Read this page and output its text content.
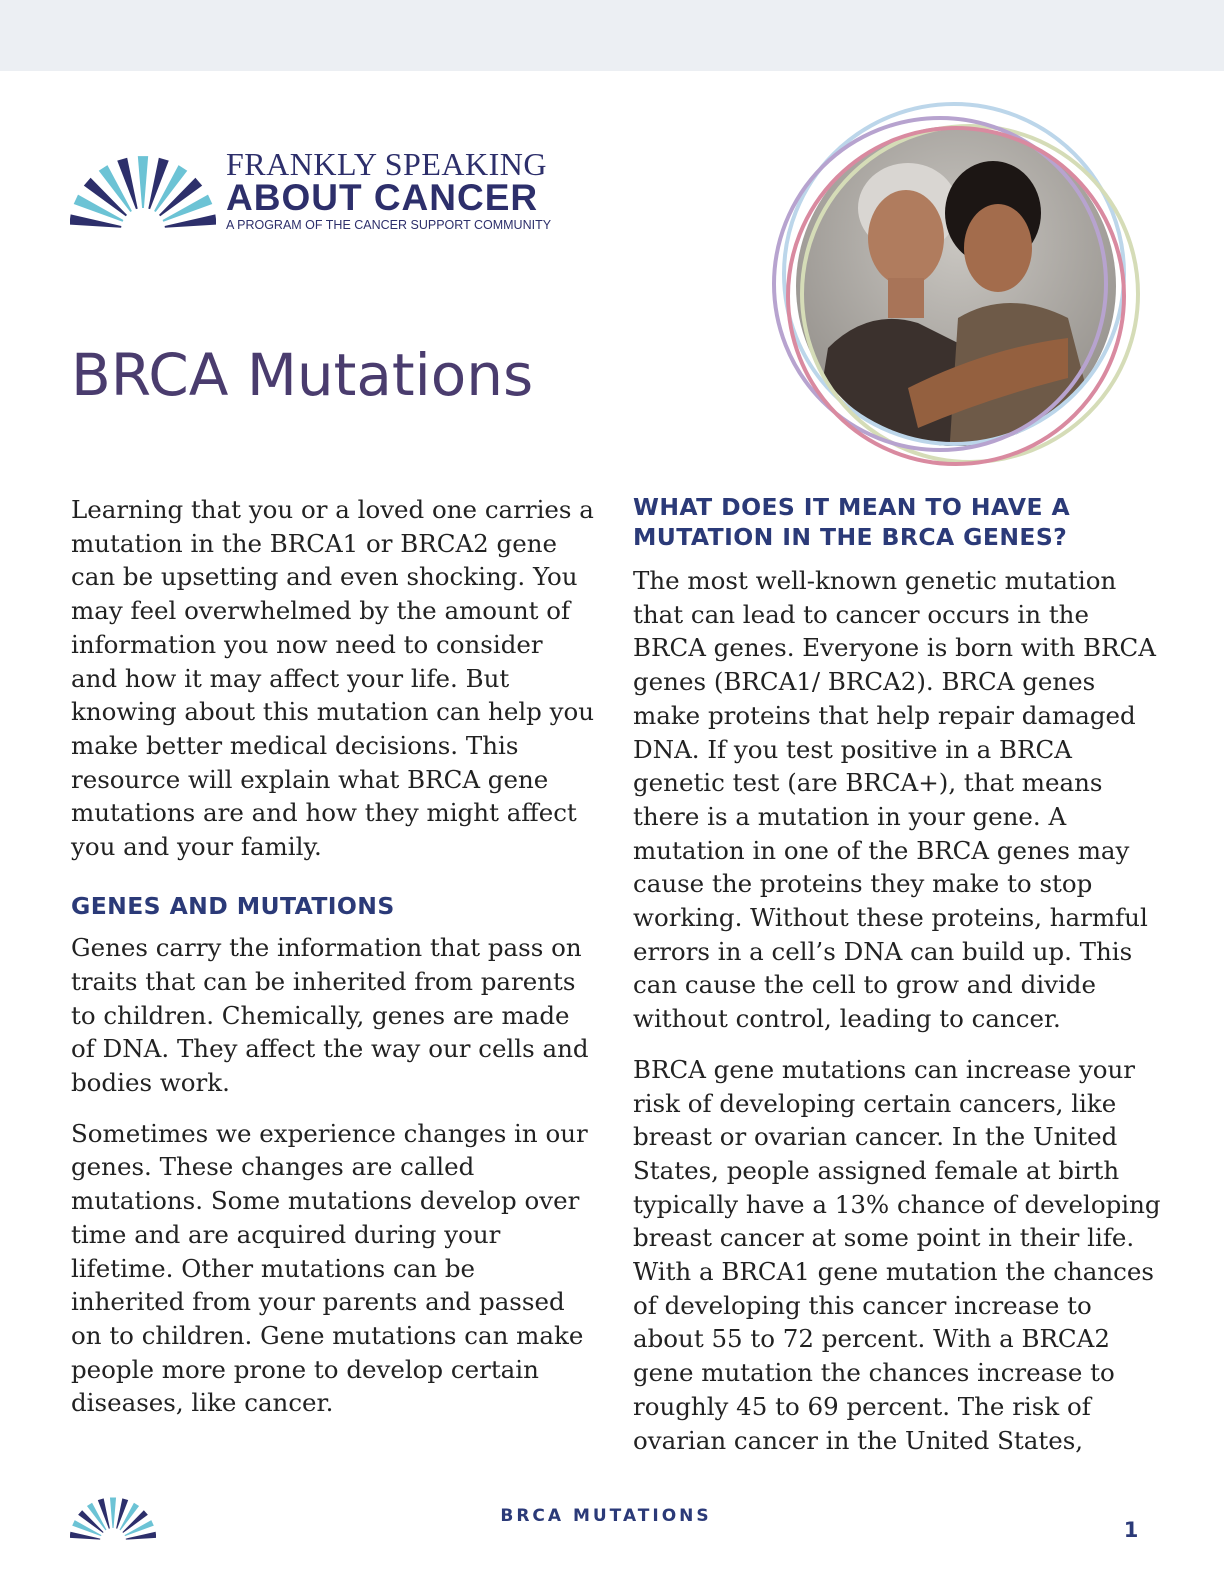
FRANKLY SPEAKING
ABOUT CANCER
A PROGRAM OF THE CANCER SUPPORT COMMUNITY
BRCA Mutations

Learning that you or a loved one carries a mutation in the BRCA1 or BRCA2 gene can be upsetting and even shocking. You may feel overwhelmed by the amount of information you now need to consider and how it may affect your life. But knowing about this mutation can help you make better medical decisions. This resource will explain what BRCA gene mutations are and how they might affect you and your family.

GENES AND MUTATIONS

Genes carry the information that pass on traits that can be inherited from parents to children. Chemically, genes are made of DNA. They affect the way our cells and bodies work.

Sometimes we experience changes in our genes. These changes are called mutations. Some mutations develop over time and are acquired during your lifetime. Other mutations can be inherited from your parents and passed on to children. Gene mutations can make people more prone to develop certain diseases, like cancer.

WHAT DOES IT MEAN TO HAVE A MUTATION IN THE BRCA GENES?

The most well-known genetic mutation that can lead to cancer occurs in the BRCA genes. Everyone is born with BRCA genes (BRCA1/ BRCA2). BRCA genes make proteins that help repair damaged DNA. If you test positive in a BRCA genetic test (are BRCA+), that means there is a mutation in your gene. A mutation in one of the BRCA genes may cause the proteins they make to stop working. Without these proteins, harmful errors in a cell’s DNA can build up. This can cause the cell to grow and divide without control, leading to cancer.

BRCA gene mutations can increase your risk of developing certain cancers, like breast or ovarian cancer. In the United States, people assigned female at birth typically have a 13% chance of developing breast cancer at some point in their life. With a BRCA1 gene mutation the chances of developing this cancer increase to about 55 to 72 percent. With a BRCA2 gene mutation the chances increase to roughly 45 to 69 percent. The risk of ovarian cancer in the United States,

BRCA MUTATIONS
1
